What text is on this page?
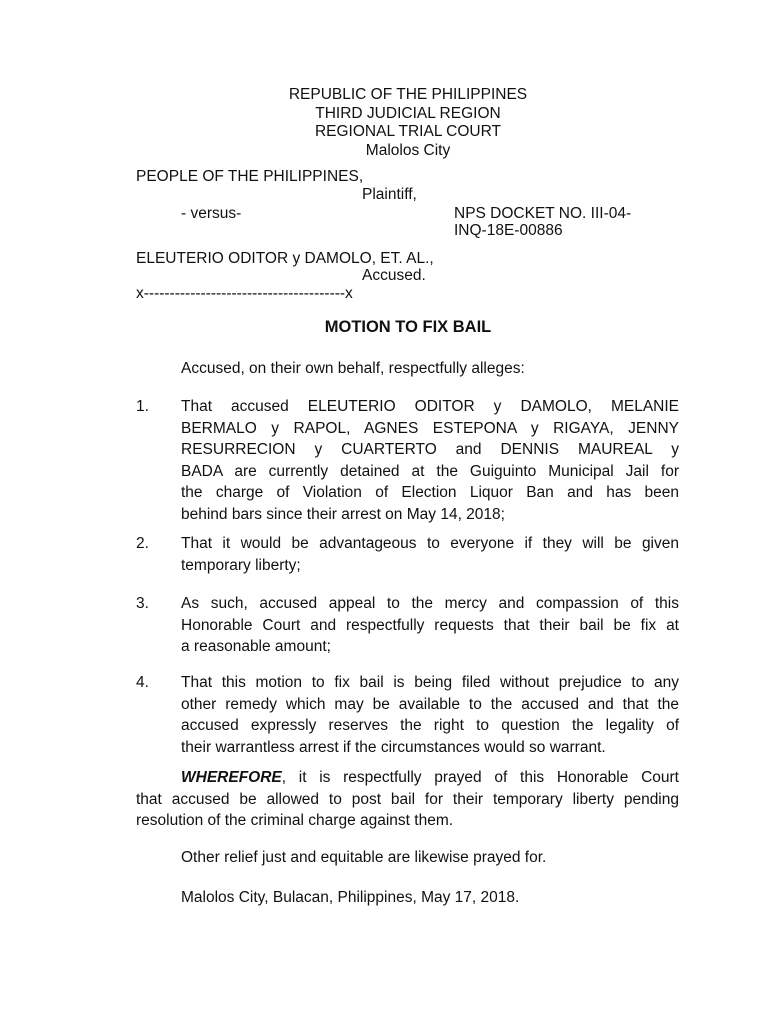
REPUBLIC OF THE PHILIPPINES
THIRD JUDICIAL REGION
REGIONAL TRIAL COURT
Malolos City
PEOPLE OF THE PHILIPPINES,
Plaintiff,
- versus-	NPS DOCKET NO. III-04-
INQ-18E-00886
ELEUTERIO ODITOR y DAMOLO, ET. AL.,
Accused.
x---------------------------------------x
MOTION TO FIX BAIL
Accused, on their own behalf, respectfully alleges:
1. That accused ELEUTERIO ODITOR y DAMOLO, MELANIE
BERMALO y RAPOL, AGNES ESTEPONA y RIGAYA, JENNY
RESURRECION y CUARTERTO and DENNIS MAUREAL y
BADA are currently detained at the Guiguinto Municipal Jail for
the charge of Violation of Election Liquor Ban and has been
behind bars since their arrest on May 14, 2018;
2. That it would be advantageous to everyone if they will be given
temporary liberty;
3. As such, accused appeal to the mercy and compassion of this
Honorable Court and respectfully requests that their bail be fix at
a reasonable amount;
4. That this motion to fix bail is being filed without prejudice to any
other remedy which may be available to the accused and that the
accused expressly reserves the right to question the legality of
their warrantless arrest if the circumstances would so warrant.
WHEREFORE, it is respectfully prayed of this Honorable Court
that accused be allowed to post bail for their temporary liberty pending
resolution of the criminal charge against them.
Other relief just and equitable are likewise prayed for.
Malolos City, Bulacan, Philippines, May 17, 2018.
